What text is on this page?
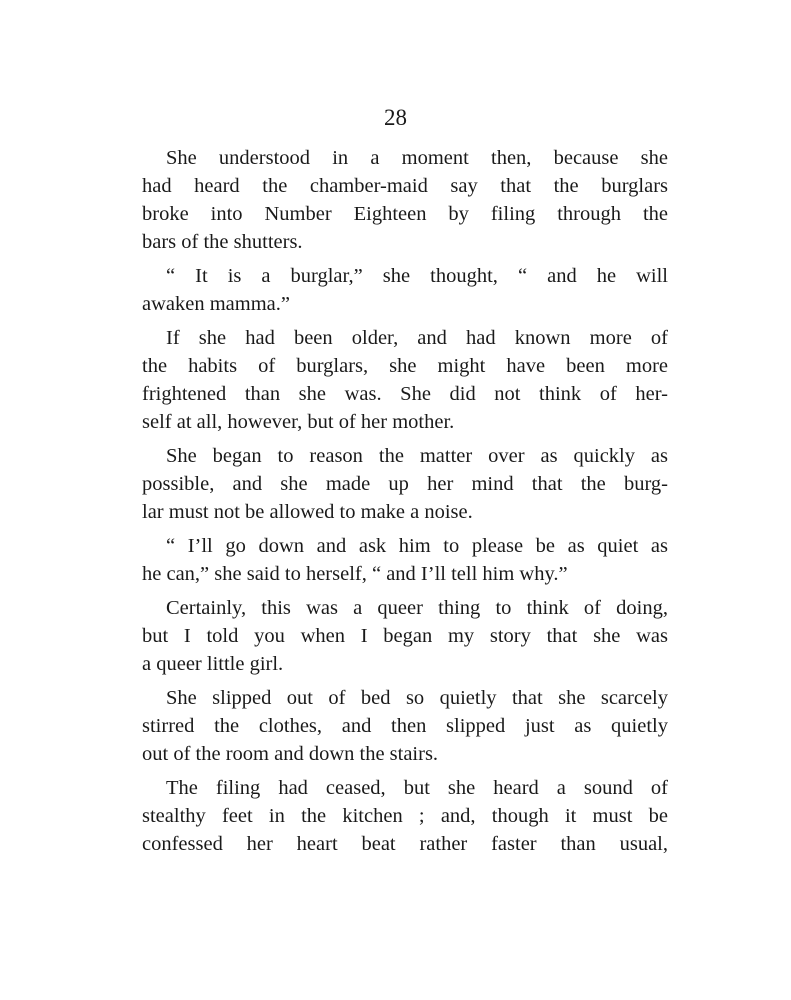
28
She understood in a moment then, because she
had heard the chamber-maid say that the burglars
broke into Number Eighteen by filing through the
bars of the shutters.
“ It is a burglar,” she thought, “ and he will
awaken mamma.”
If she had been older, and had known more of
the habits of burglars, she might have been more
frightened than she was. She did not think of her-
self at all, however, but of her mother.
She began to reason the matter over as quickly as
possible, and she made up her mind that the burg-
lar must not be allowed to make a noise.
“ I’ll go down and ask him to please be as quiet as
he can,” she said to herself, “ and I’ll tell him why.”
Certainly, this was a queer thing to think of doing,
but I told you when I began my story that she was
a queer little girl.
She slipped out of bed so quietly that she scarcely
stirred the clothes, and then slipped just as quietly
out of the room and down the stairs.
The filing had ceased, but she heard a sound of
stealthy feet in the kitchen ; and, though it must be
confessed her heart beat rather faster than usual,
